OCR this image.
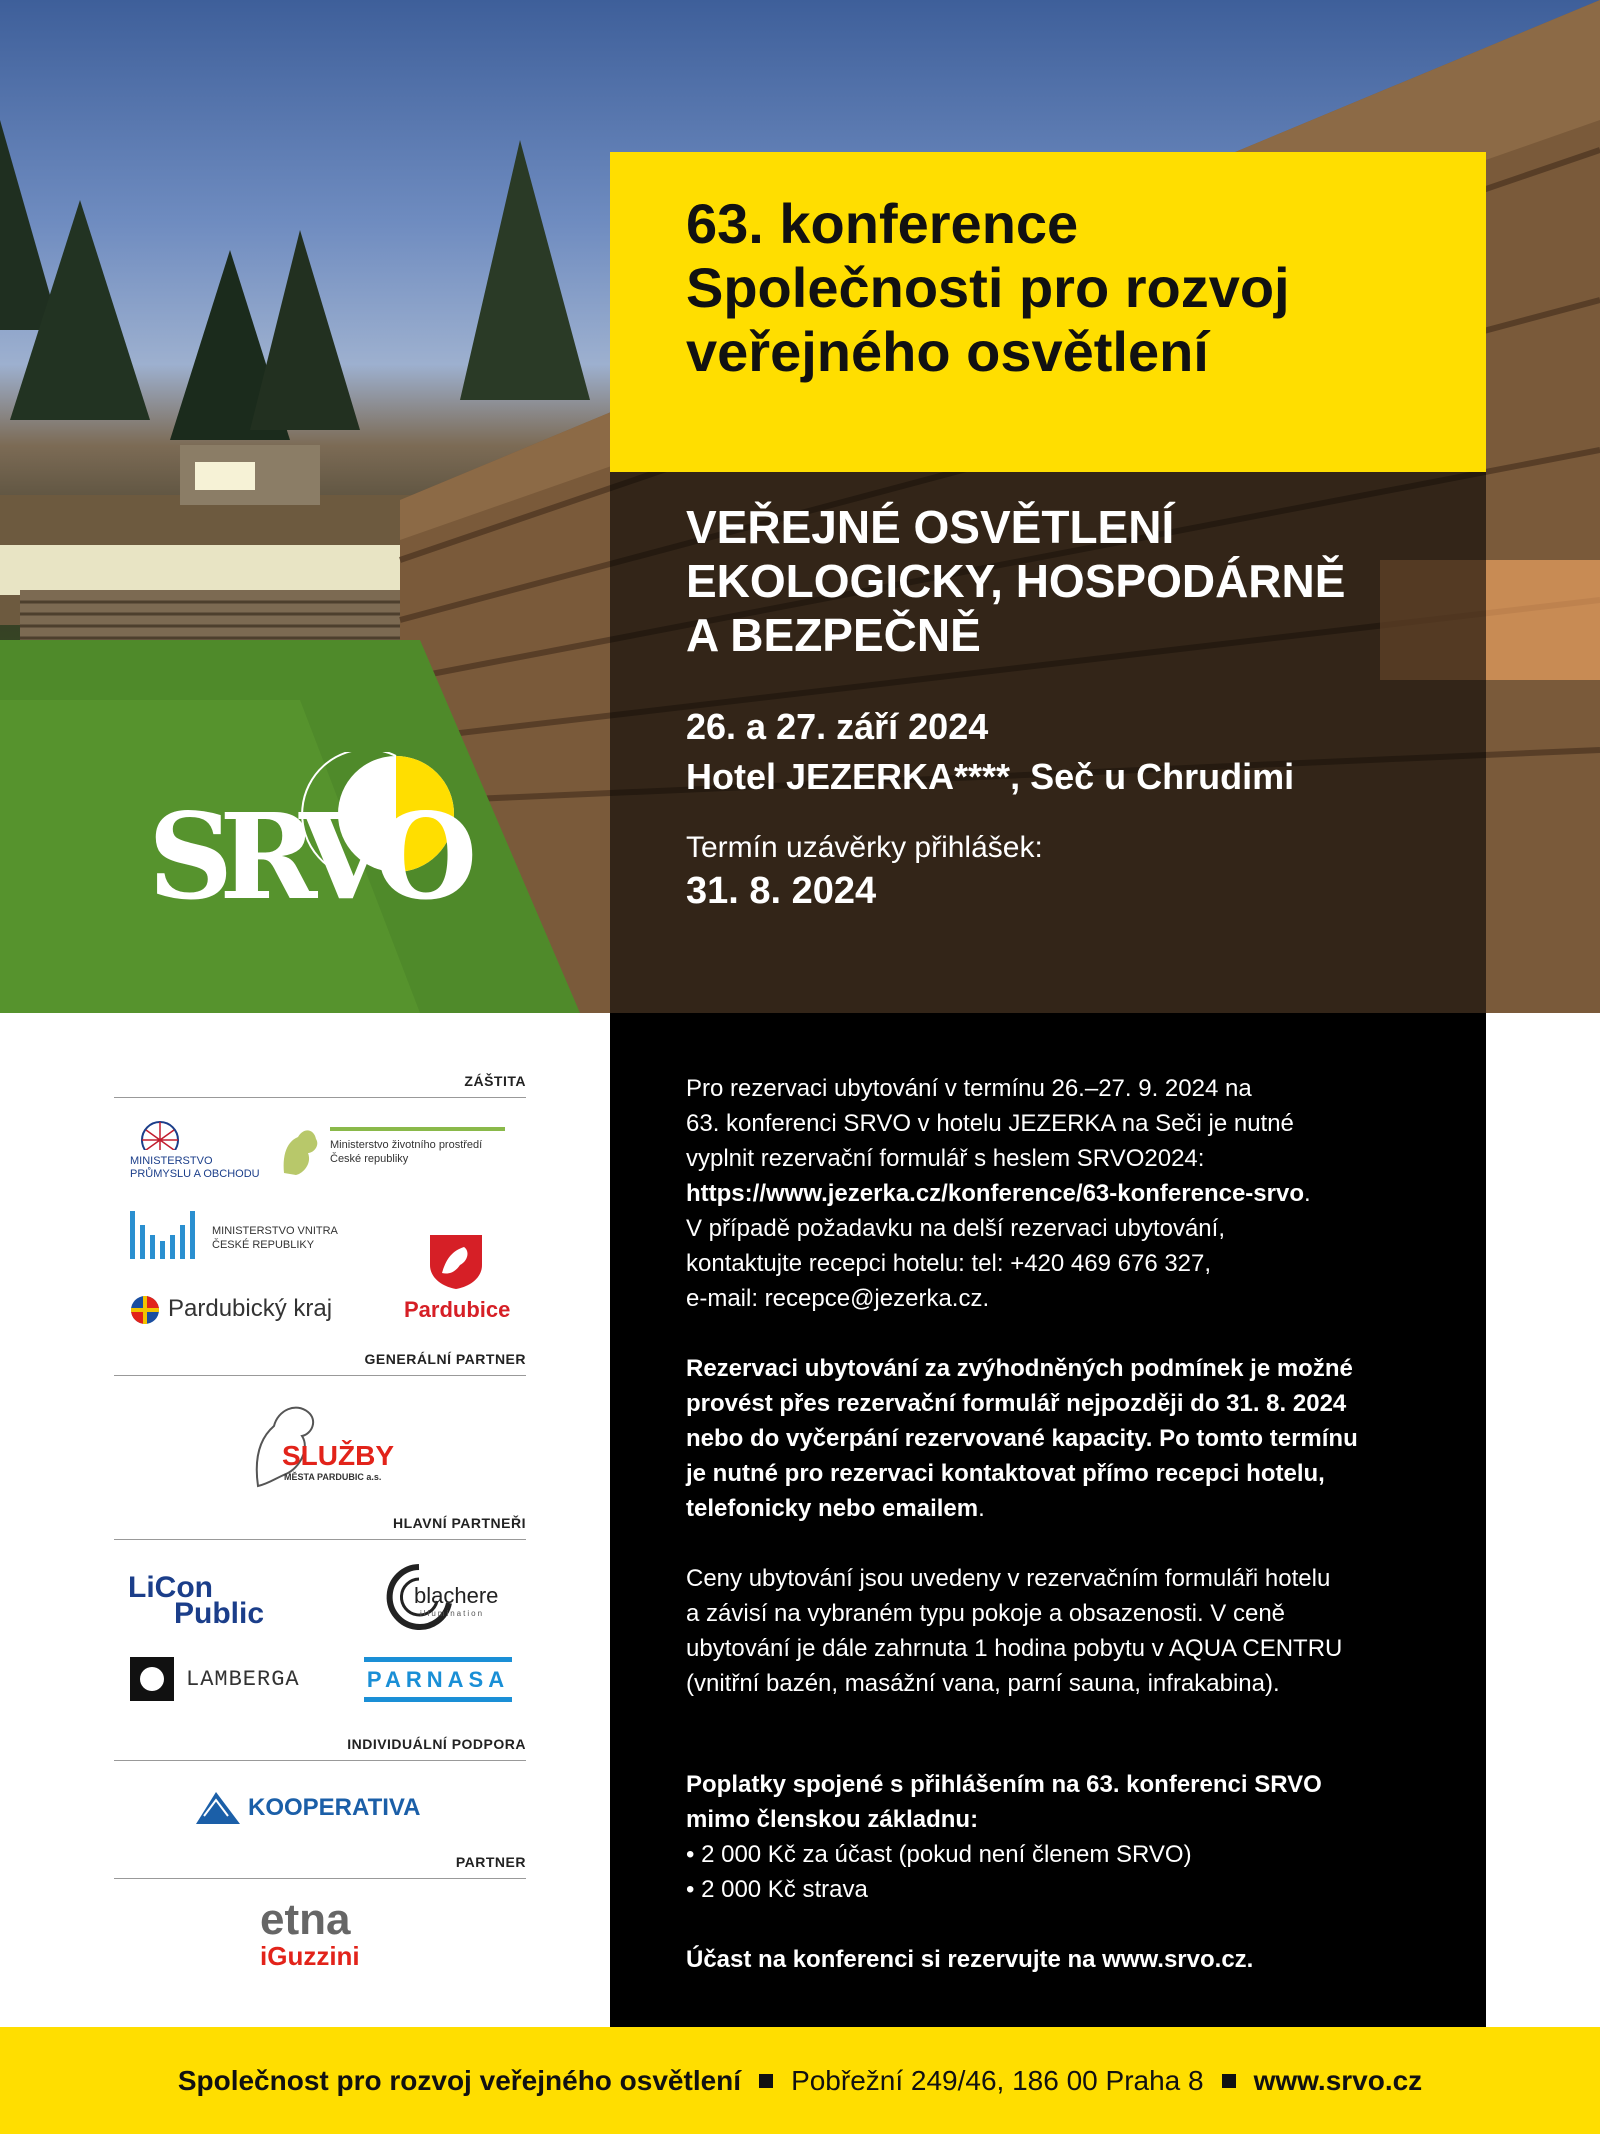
SRVO
63. konference
Společnosti pro rozvoj
veřejného osvětlení
VEŘEJNÉ OSVĚTLENÍ
EKOLOGICKY, HOSPODÁRNĚ
A BEZPEČNĚ
26. a 27. září 2024
Hotel JEZERKA****, Seč u Chrudimi
Termín uzávěrky přihlášek:
31. 8. 2024
ZÁŠTITA
MINISTERSTVO
PRŮMYSLU A OBCHODU
Ministerstvo životního prostředí
České republiky
MINISTERSTVO VNITRA
ČESKÉ REPUBLIKY
Pardubický kraj	Pardubice
GENERÁLNÍ PARTNER
SLUŽBY
MĚSTA PARDUBIC a.s.
HLAVNÍ PARTNEŘI
LiCon
Public
blachere
illumination
LAMBERGA	PARNASA
INDIVIDUÁLNÍ PODPORA
KOOPERATIVA
PARTNER
etna
iGuzzini

Pro rezervaci ubytování v termínu 26.–27. 9. 2024 na
63. konferenci SRVO v hotelu JEZERKA na Seči je nutné
vyplnit rezervační formulář s heslem SRVO2024:
https://www.jezerka.cz/konference/63-konference-srvo.
V případě požadavku na delší rezervaci ubytování,
kontaktujte recepci hotelu: tel: +420 469 676 327,
e-mail: recepce@jezerka.cz.

Rezervaci ubytování za zvýhodněných podmínek je možné
provést přes rezervační formulář nejpozději do 31. 8. 2024
nebo do vyčerpání rezervované kapacity. Po tomto termínu
je nutné pro rezervaci kontaktovat přímo recepci hotelu,
telefonicky nebo emailem.

Ceny ubytování jsou uvedeny v rezervačním formuláři hotelu
a závisí na vybraném typu pokoje a obsazenosti. V ceně
ubytování je dále zahrnuta 1 hodina pobytu v AQUA CENTRU
(vnitřní bazén, masážní vana, parní sauna, infrakabina).

Poplatky spojené s přihlášením na 63. konferenci SRVO
mimo členskou základnu:

• 2 000 Kč za účast (pokud není členem SRVO)
• 2 000 Kč strava

Účast na konferenci si rezervujte na www.srvo.cz.

Společnost pro rozvoj veřejného osvětlení Pobřežní 249/46, 186 00 Praha 8 www.srvo.cz
